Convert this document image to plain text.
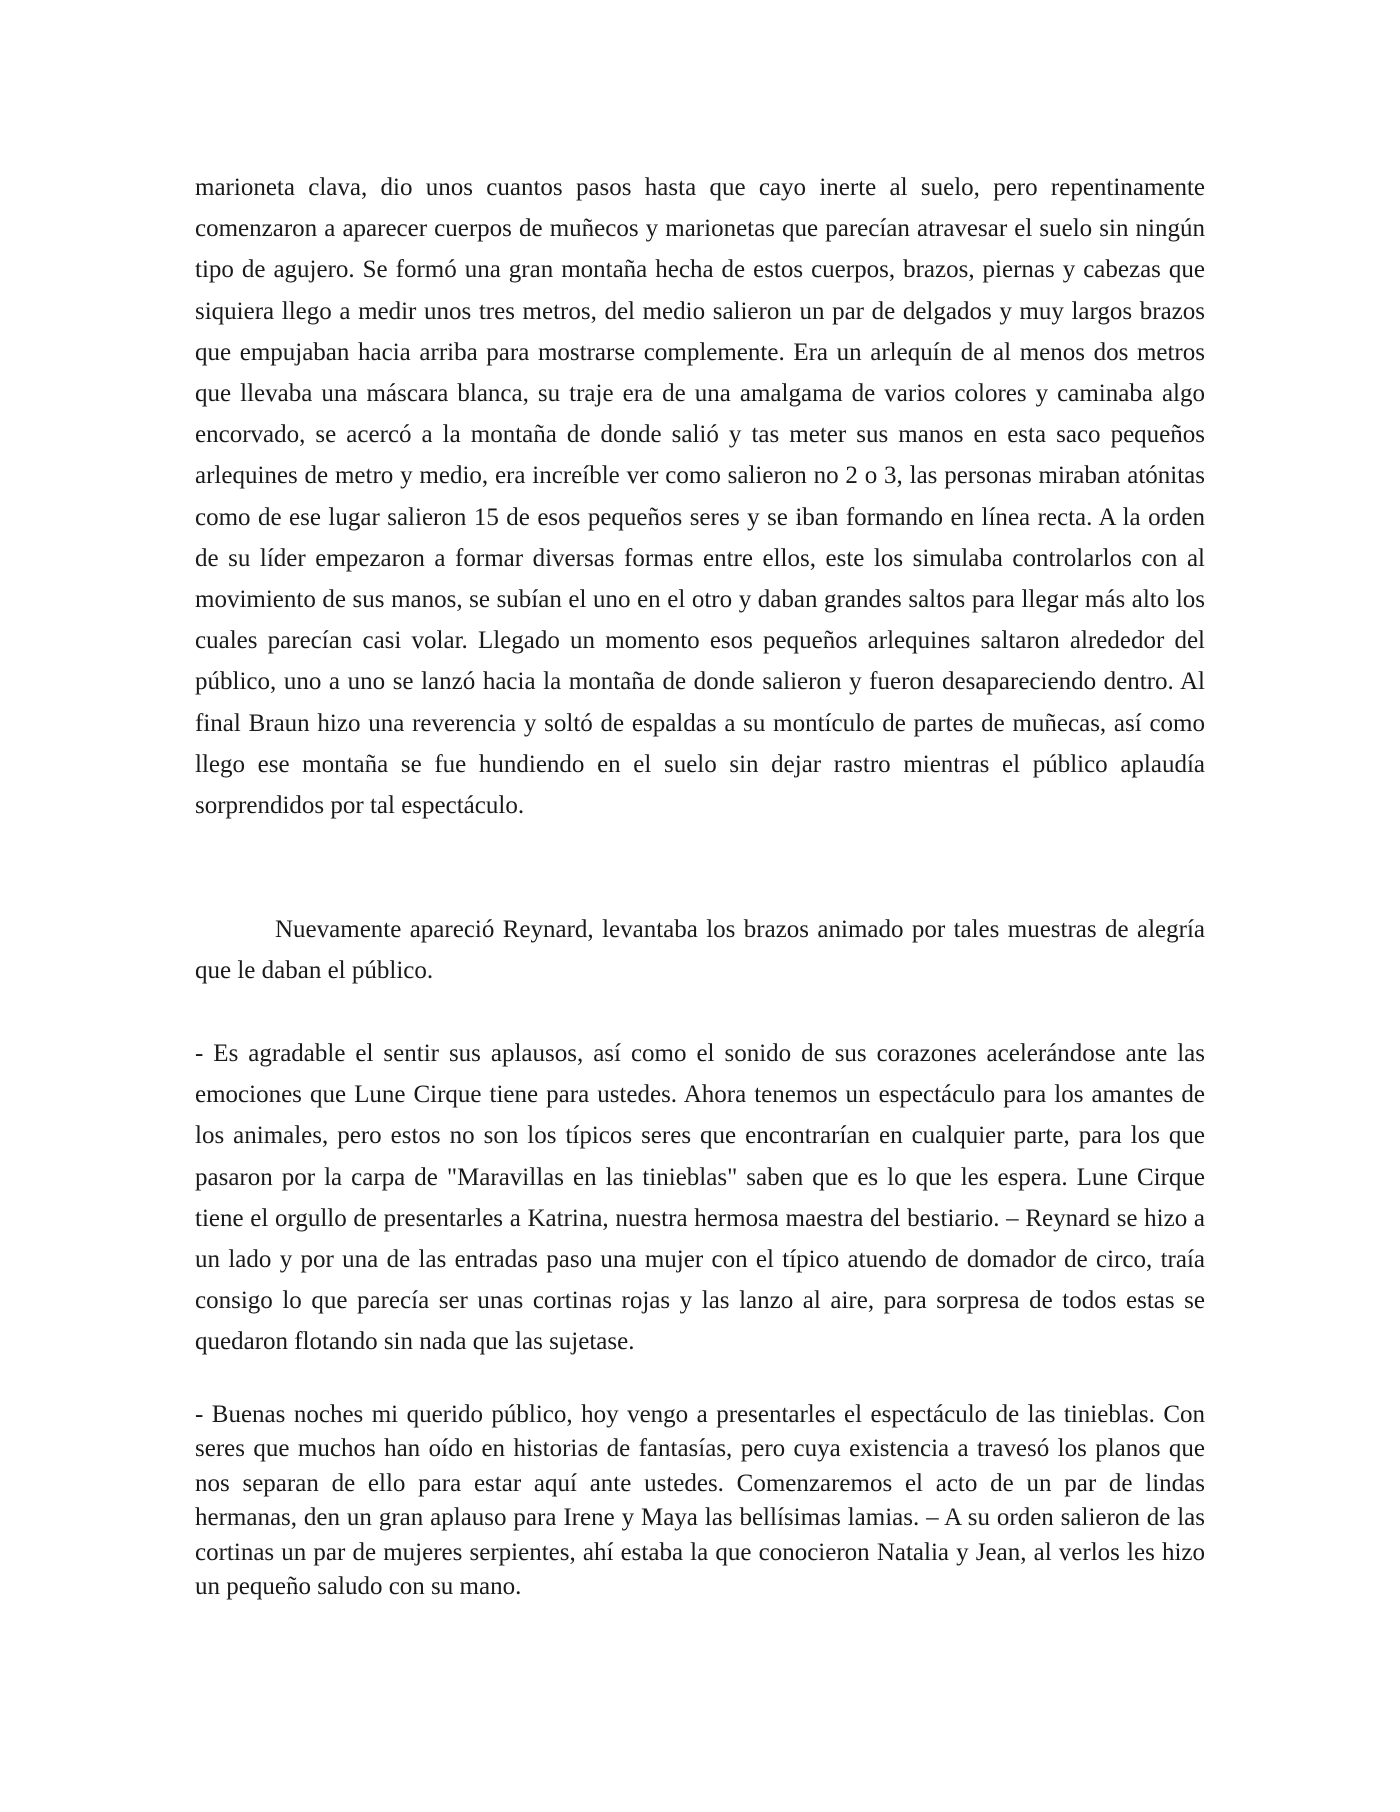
marioneta clava, dio unos cuantos pasos hasta que cayo inerte al suelo, pero repentinamente comenzaron a aparecer cuerpos de muñecos y marionetas que parecían atravesar el suelo sin ningún tipo de agujero. Se formó una gran montaña hecha de estos cuerpos, brazos, piernas y cabezas que siquiera llego a medir unos tres metros, del medio salieron un par de delgados y muy largos brazos que empujaban hacia arriba para mostrarse complemente. Era un arlequín de al menos dos metros que llevaba una máscara blanca, su traje era de una amalgama de varios colores y caminaba algo encorvado, se acercó a la montaña de donde salió y tas meter sus manos en esta saco pequeños arlequines de metro y medio, era increíble ver como salieron no 2 o 3, las personas miraban atónitas como de ese lugar salieron 15 de esos pequeños seres y se iban formando en línea recta. A la orden de su líder empezaron a formar diversas formas entre ellos, este los simulaba controlarlos con al movimiento de sus manos, se subían el uno en el otro y daban grandes saltos para llegar más alto los cuales parecían casi volar. Llegado un momento esos pequeños arlequines saltaron alrededor del público, uno a uno se lanzó hacia la montaña de donde salieron y fueron desapareciendo dentro. Al final Braun hizo una reverencia y soltó de espaldas a su montículo de partes de muñecas, así como llego ese montaña se fue hundiendo en el suelo sin dejar rastro mientras el público aplaudía sorprendidos por tal espectáculo.

Nuevamente apareció Reynard, levantaba los brazos animado por tales muestras de alegría que le daban el público.

- Es agradable el sentir sus aplausos, así como el sonido de sus corazones acelerándose ante las emociones que Lune Cirque tiene para ustedes. Ahora tenemos un espectáculo para los amantes de los animales, pero estos no son los típicos seres que encontrarían en cualquier parte, para los que pasaron por la carpa de "Maravillas en las tinieblas" saben que es lo que les espera. Lune Cirque tiene el orgullo de presentarles a Katrina, nuestra hermosa maestra del bestiario. – Reynard se hizo a un lado y por una de las entradas paso una mujer con el típico atuendo de domador de circo, traía consigo lo que parecía ser unas cortinas rojas y las lanzo al aire, para sorpresa de todos estas se quedaron flotando sin nada que las sujetase.

- Buenas noches mi querido público, hoy vengo a presentarles el espectáculo de las tinieblas. Con seres que muchos han oído en historias de fantasías, pero cuya existencia a travesó los planos que nos separan de ello para estar aquí ante ustedes. Comenzaremos el acto de un par de lindas hermanas, den un gran aplauso para Irene y Maya las bellísimas lamias. – A su orden salieron de las cortinas un par de mujeres serpientes, ahí estaba la que conocieron Natalia y Jean, al verlos les hizo un pequeño saludo con su mano.
